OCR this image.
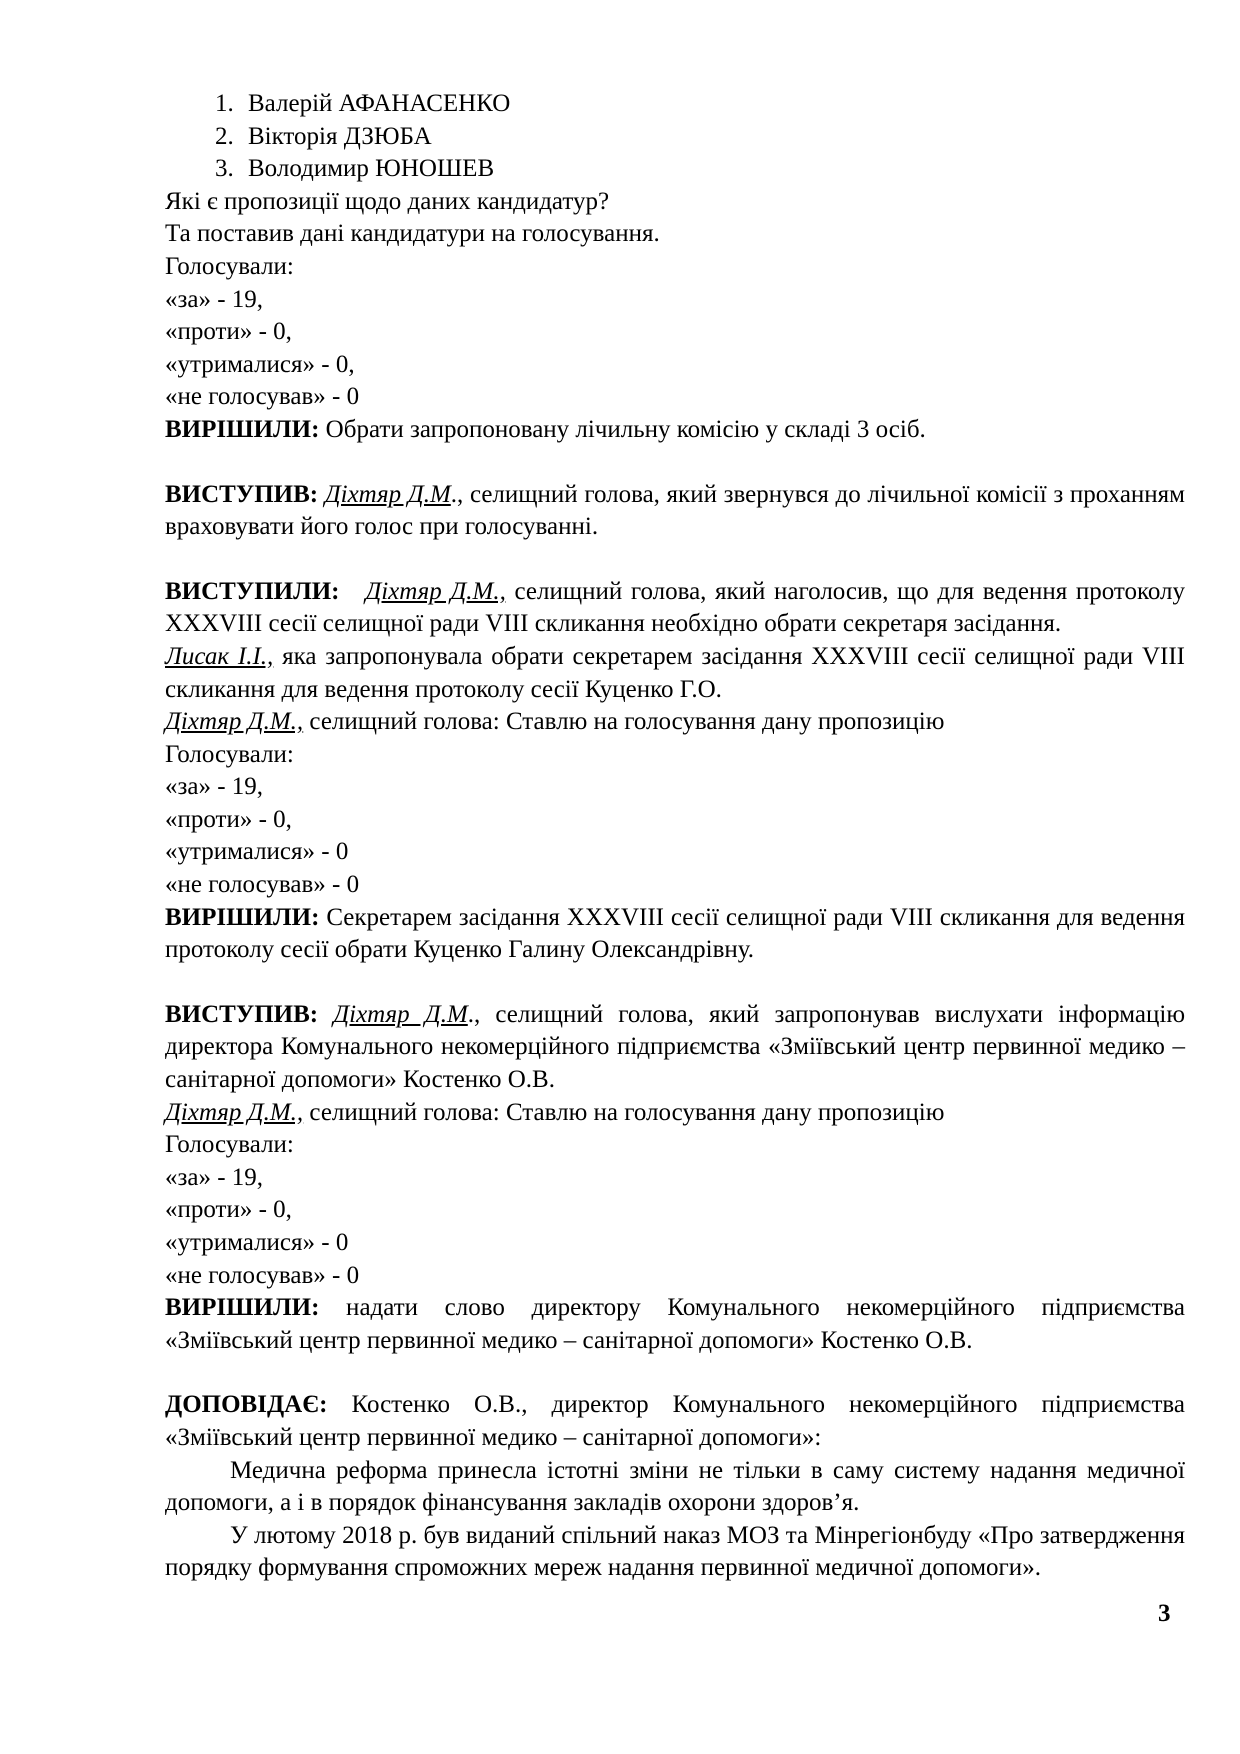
1. Валерій АФАНАСЕНКО
2. Вікторія ДЗЮБА
3. Володимир ЮНОШЕВ

Які є пропозиції щодо даних кандидатур?

Та поставив дані кандидатури на голосування.

Голосували:

«за» - 19,

«проти» - 0,

«утрималися» - 0,

«не голосував» - 0

ВИРІШИЛИ: Обрати запропоновану лічильну комісію у складі 3 осіб.

ВИСТУПИВ: Діхтяр Д.М., селищний голова, який звернувся до лічильної комісії з проханням враховувати його голос при голосуванні.

ВИСТУПИЛИ: Діхтяр Д.М., селищний голова, який наголосив, що для ведення протоколу XXXVIII сесії селищної ради VIII скликання необхідно обрати секретаря засідання.

Лисак І.І., яка запропонувала обрати секретарем засідання XXXVIII сесії селищної ради VIII скликання для ведення протоколу сесії Куценко Г.О.

Діхтяр Д.М., селищний голова: Ставлю на голосування дану пропозицію

Голосували:

«за» - 19,

«проти» - 0,

«утрималися» - 0

«не голосував» - 0

ВИРІШИЛИ: Секретарем засідання XXXVIII сесії селищної ради VIII скликання для ведення протоколу сесії обрати Куценко Галину Олександрівну.

ВИСТУПИВ: Діхтяр Д.М., селищний голова, який запропонував вислухати інформацію директора Комунального некомерційного підприємства «Зміївський центр первинної медико – санітарної допомоги» Костенко О.В.

Діхтяр Д.М., селищний голова: Ставлю на голосування дану пропозицію

Голосували:

«за» - 19,

«проти» - 0,

«утрималися» - 0

«не голосував» - 0

ВИРІШИЛИ: надати слово директору Комунального некомерційного підприємства «Зміївський центр первинної медико – санітарної допомоги» Костенко О.В.

ДОПОВІДАЄ: Костенко О.В., директор Комунального некомерційного підприємства «Зміївський центр первинної медико – санітарної допомоги»:

Медична реформа принесла істотні зміни не тільки в саму систему надання медичної допомоги, а і в порядок фінансування закладів охорони здоров’я.

У лютому 2018 р. був виданий спільний наказ МОЗ та Мінрегіонбуду «Про затвердження порядку формування спроможних мереж надання первинної медичної допомоги».

3
